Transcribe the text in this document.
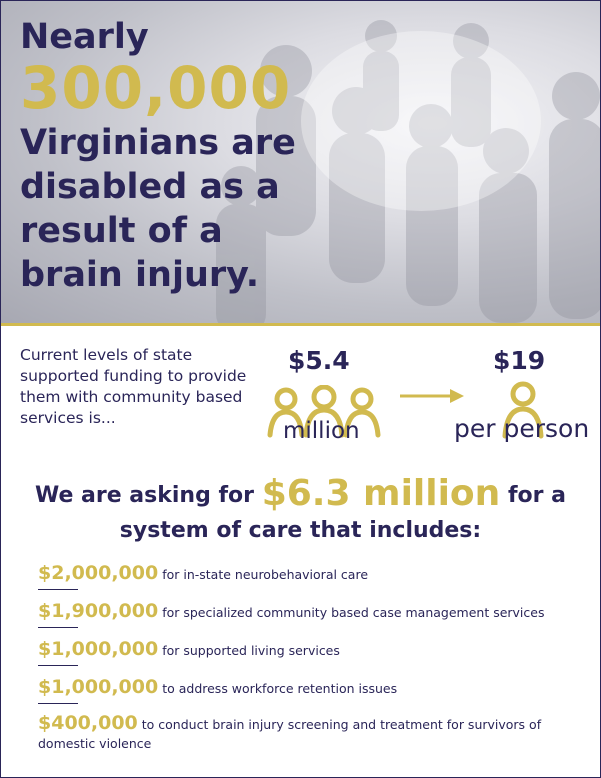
Nearly
300,000
Virginians are
disabled as a
result of a
brain injury.
Current levels of state supported funding to provide them with community based services is...
$5.4
million
$19
per person
We are asking for $6.3 million for a
system of care that includes:
$2,000,000 for in-state neurobehavioral care
$1,900,000 for specialized community based case management services
$1,000,000 for supported living services
$1,000,000 to address workforce retention issues
$400,000 to conduct brain injury screening and treatment for survivors of domestic violence
